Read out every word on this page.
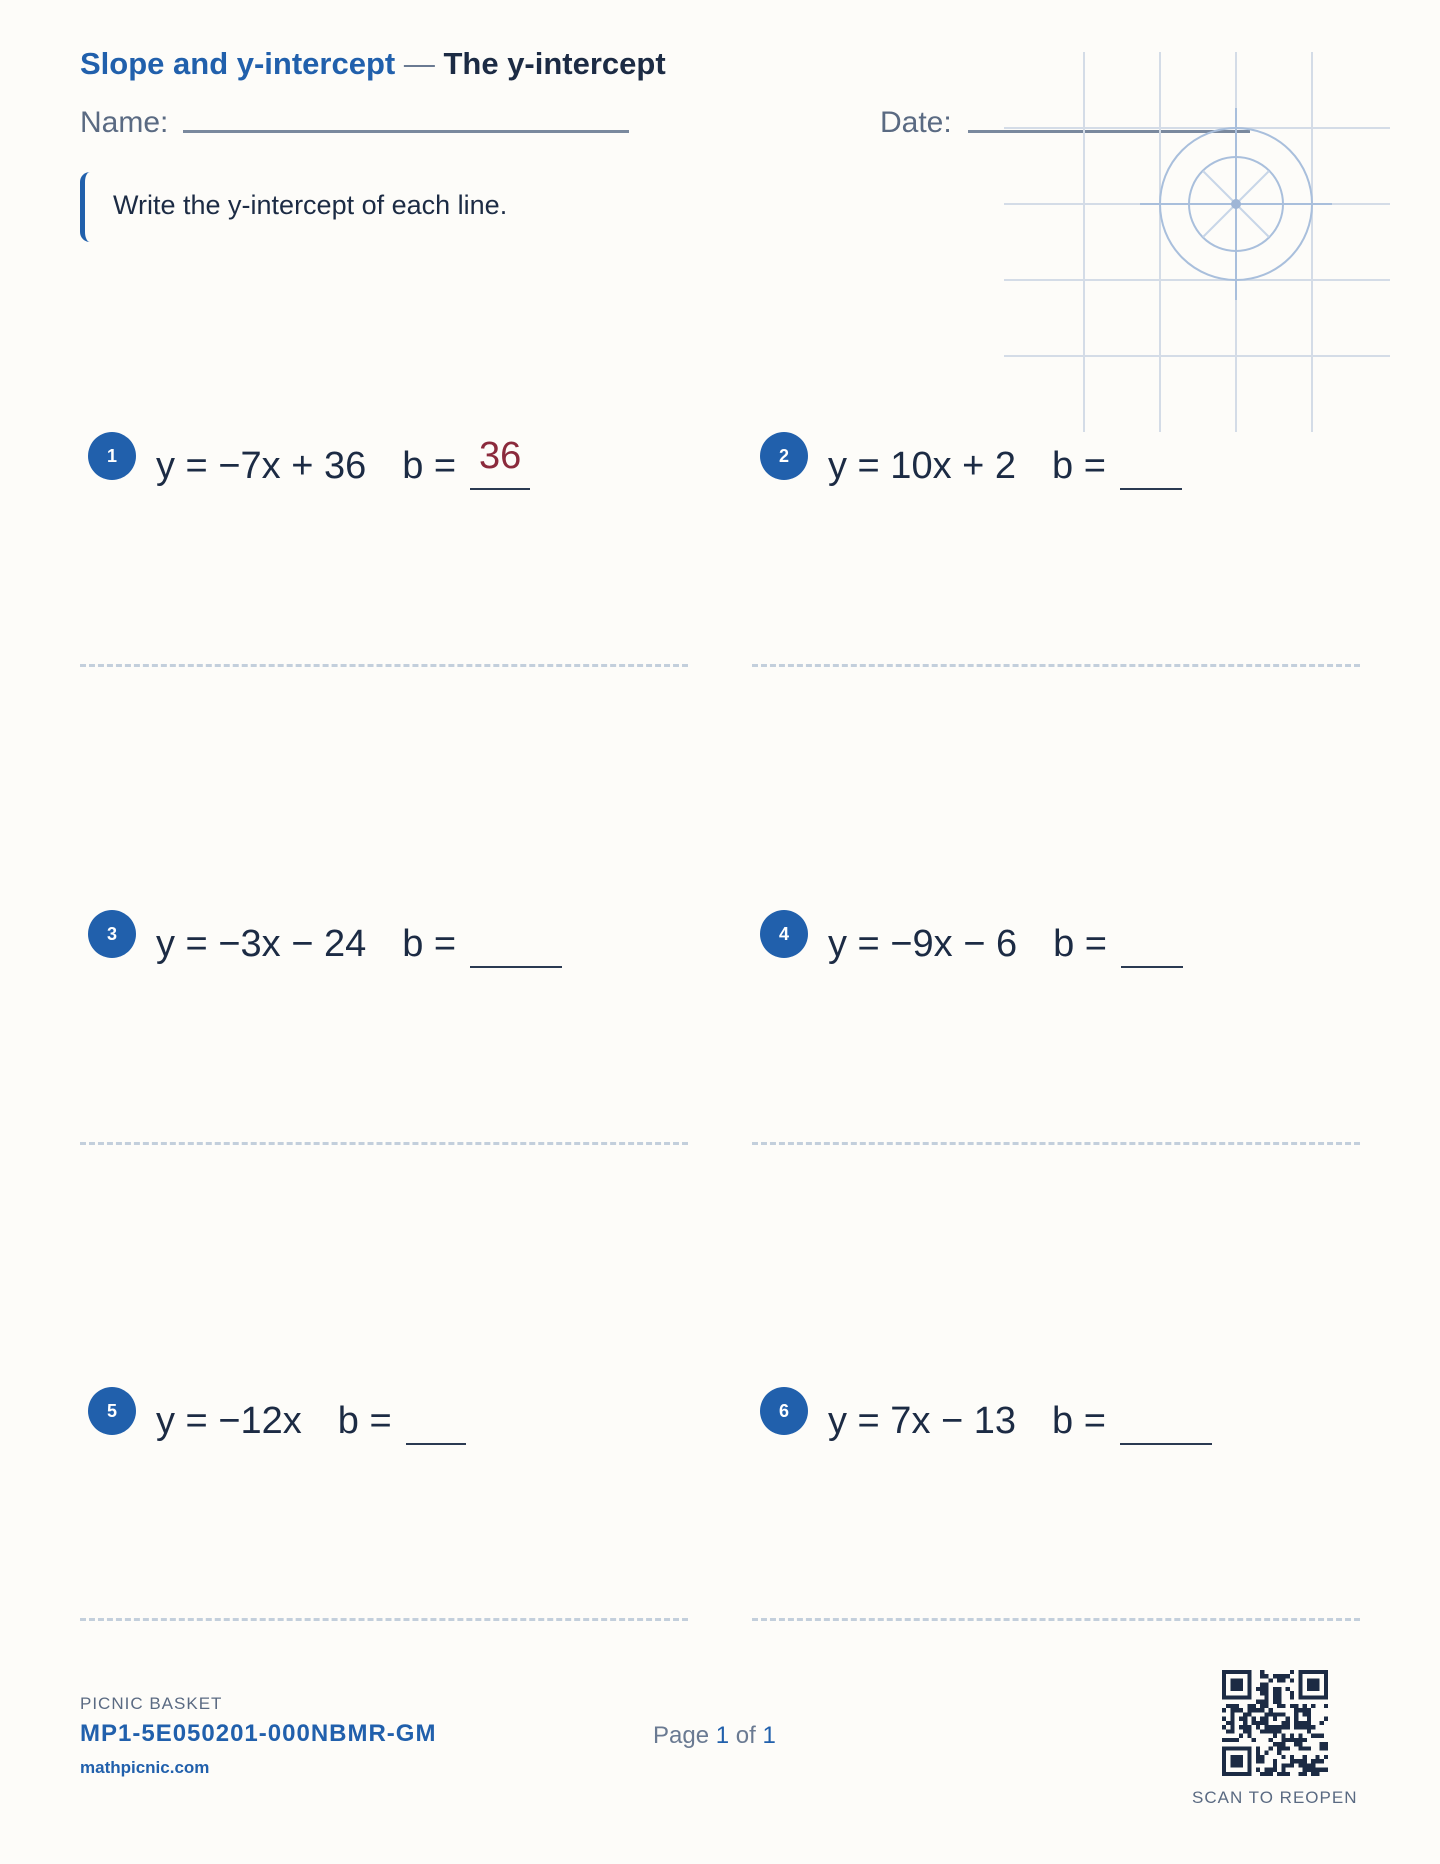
Slope and y-intercept — The y-intercept
Name:	Date:
Write the y-intercept of each line.
1	y = −7x + 36 b = 36	2	y = 10x + 2 b =
3	y = −3x − 24 b =	4	y = −9x − 6 b =
5	y = −12x b =	6	y = 7x − 13 b =
PICNIC BASKET
MP1-5E050201-000NBMR-GM
mathpicnic.com
Page 1 of 1
SCAN TO REOPEN
